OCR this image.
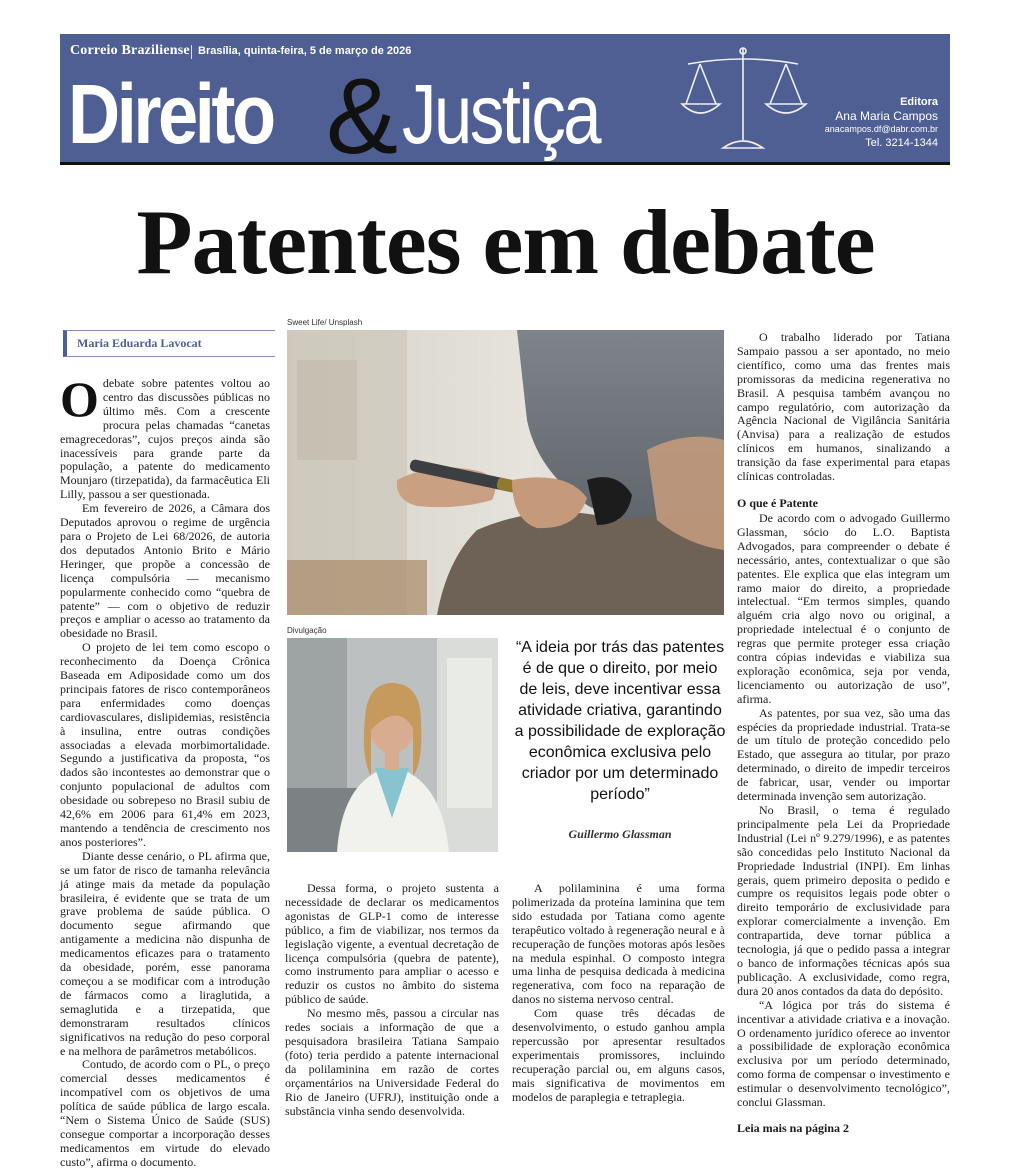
Correio Braziliense Brasília, quinta-feira, 5 de março de 2026
Direito & Justiça	Editora
Ana Maria Campos
anacampos.df@dabr.com.br
Tel. 3214-1344
Patentes em debate
Maria Eduarda Lavocat

Odebate sobre patentes voltou ao centro das discussões públicas no último mês. Com a crescente procura pelas chamadas “canetas emagrecedoras”, cujos preços ainda são inacessíveis para grande parte da população, a patente do medicamento Mounjaro (tirzepatida), da farmacêutica Eli Lilly, passou a ser questionada.

Em fevereiro de 2026, a Câmara dos Deputados aprovou o regime de urgência para o Projeto de Lei 68/2026, de autoria dos deputados Antonio Brito e Mário Heringer, que propõe a concessão de licença compulsória — mecanismo popularmente conhecido como “quebra de patente” — com o objetivo de reduzir preços e ampliar o acesso ao tratamento da obesidade no Brasil.

O projeto de lei tem como escopo o reconhecimento da Doença Crônica Baseada em Adiposidade como um dos principais fatores de risco contemporâneos para enfermidades como doenças cardiovasculares, dislipidemias, resistência à insulina, entre outras condições associadas a elevada morbimortalidade. Segundo a justificativa da proposta, “os dados são incontestes ao demonstrar que o conjunto populacional de adultos com obesidade ou sobrepeso no Brasil subiu de 42,6% em 2006 para 61,4% em 2023, mantendo a tendência de crescimento nos anos posteriores”.

Diante desse cenário, o PL afirma que, se um fator de risco de tamanha relevância já atinge mais da metade da população brasileira, é evidente que se trata de um grave problema de saúde pública. O documento segue afirmando que antigamente a medicina não dispunha de medicamentos eficazes para o tratamento da obesidade, porém, esse panorama começou a se modificar com a introdução de fármacos como a liraglutida, a semaglutida e a tirzepatida, que demonstraram resultados clínicos significativos na redução do peso corporal e na melhora de parâmetros metabólicos.

Contudo, de acordo com o PL, o preço comercial desses medicamentos é incompatível com os objetivos de uma política de saúde pública de largo escala. “Nem o Sistema Único de Saúde (SUS) consegue comportar a incorporação desses medicamentos em virtude do elevado custo”, afirma o documento.

Sweet Life/ Unsplash
Divulgação
“A ideia por trás das patentes é de que o direito, por meio de leis, deve incentivar essa atividade criativa, garantindo a possibilidade de exploração econômica exclusiva pelo criador por um determinado período”
Guillermo Glassman

Dessa forma, o projeto sustenta a necessidade de declarar os medicamentos agonistas de GLP-1 como de interesse público, a fim de viabilizar, nos termos da legislação vigente, a eventual decretação de licença compulsória (quebra de patente), como instrumento para ampliar o acesso e reduzir os custos no âmbito do sistema público de saúde.

No mesmo mês, passou a circular nas redes sociais a informação de que a pesquisadora brasileira Tatiana Sampaio (foto) teria perdido a patente internacional da polilaminina em razão de cortes orçamentários na Universidade Federal do Rio de Janeiro (UFRJ), instituição onde a substância vinha sendo desenvolvida.

A polilaminina é uma forma polimerizada da proteína laminina que tem sido estudada por Tatiana como agente terapêutico voltado à regeneração neural e à recuperação de funções motoras após lesões na medula espinhal. O composto integra uma linha de pesquisa dedicada à medicina regenerativa, com foco na reparação de danos no sistema nervoso central.

Com quase três décadas de desenvolvimento, o estudo ganhou ampla repercussão por apresentar resultados experimentais promissores, incluindo recuperação parcial ou, em alguns casos, mais significativa de movimentos em modelos de paraplegia e tetraplegia.

O trabalho liderado por Tatiana Sampaio passou a ser apontado, no meio científico, como uma das frentes mais promissoras da medicina regenerativa no Brasil. A pesquisa também avançou no campo regulatório, com autorização da Agência Nacional de Vigilância Sanitária (Anvisa) para a realização de estudos clínicos em humanos, sinalizando a transição da fase experimental para etapas clínicas controladas.

O que é Patente

De acordo com o advogado Guillermo Glassman, sócio do L.O. Baptista Advogados, para compreender o debate é necessário, antes, contextualizar o que são patentes. Ele explica que elas integram um ramo maior do direito, a propriedade intelectual. “Em termos simples, quando alguém cria algo novo ou original, a propriedade intelectual é o conjunto de regras que permite proteger essa criação contra cópias indevidas e viabiliza sua exploração econômica, seja por venda, licenciamento ou autorização de uso”, afirma.

As patentes, por sua vez, são uma das espécies da propriedade industrial. Trata-se de um título de proteção concedido pelo Estado, que assegura ao titular, por prazo determinado, o direito de impedir terceiros de fabricar, usar, vender ou importar determinada invenção sem autorização.

No Brasil, o tema é regulado principalmente pela Lei da Propriedade Industrial (Lei nº 9.279/1996), e as patentes são concedidas pelo Instituto Nacional da Propriedade Industrial (INPI). Em linhas gerais, quem primeiro deposita o pedido e cumpre os requisitos legais pode obter o direito temporário de exclusividade para explorar comercialmente a invenção. Em contrapartida, deve tornar pública a tecnologia, já que o pedido passa a integrar o banco de informações técnicas após sua publicação. A exclusividade, como regra, dura 20 anos contados da data do depósito.

“A lógica por trás do sistema é incentivar a atividade criativa e a inovação. O ordenamento jurídico oferece ao inventor a possibilidade de exploração econômica exclusiva por um período determinado, como forma de compensar o investimento e estimular o desenvolvimento tecnológico”, conclui Glassman.

Leia mais na página 2
